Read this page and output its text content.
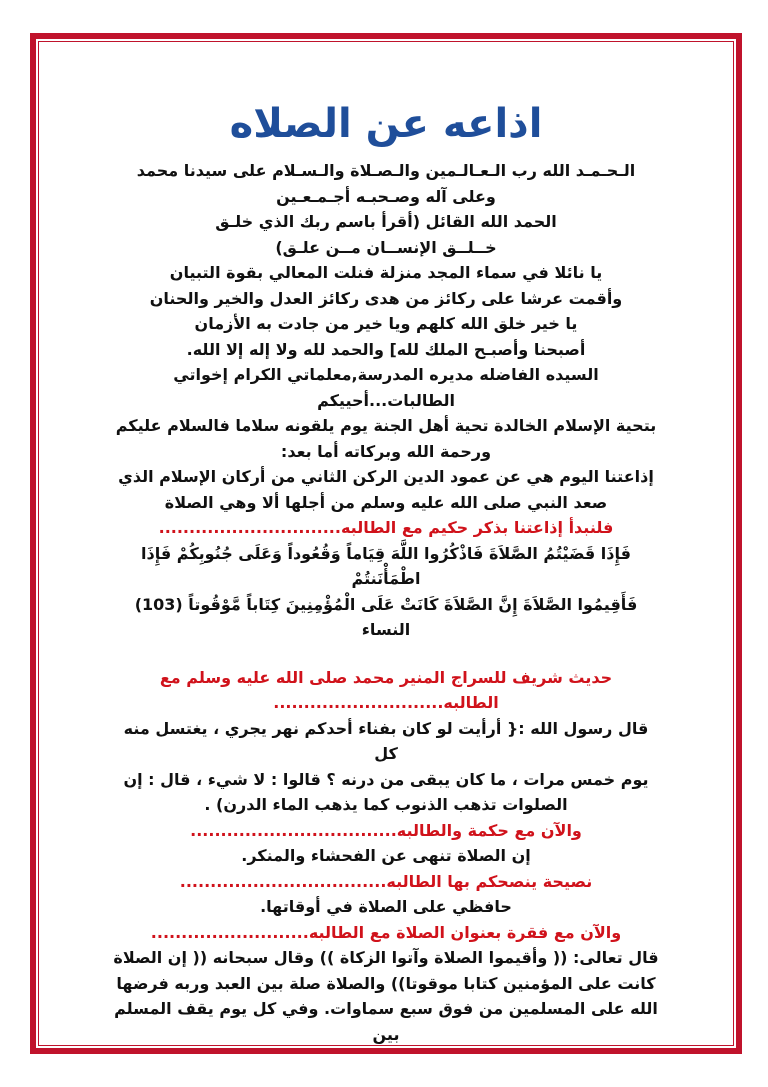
اذاعه عن الصلاه

الـحـمـد الله رب الـعـالـمين والـصـلاة والـسـلام على سيدنا محمد

وعلى آله وصـحبـه أجـمـعـين

الحمد الله القائل (أقرأ باسم ربك الذي خلـق

خــلــق الإنســان مــن علـق)

يا نائلا في سماء المجد منزلة فنلت المعالي بقوة التبيان

وأقمت عرشا على ركائز من هدى ركائز العدل والخير والحنان

يا خير خلق الله كلهم ويا خير من جادت به الأزمان

أصبحنا وأصبـح الملك لله] والحمد لله ولا إله إلا الله.

السيده الفاضله مديره المدرسة,معلماتي الكرام إخواتي الطالبات...أحييكم

بتحية الإسلام الخالدة تحية أهل الجنة يوم يلقونه سلاما فالسلام عليكم

ورحمة الله وبركاته أما بعد:

إذاعتنا اليوم هي عن عمود الدين الركن الثاني من أركان الإسلام الذي

صعد النبي صلى الله عليه وسلم من أجلها ألا وهي الصلاة

فلنبدأ إذاعتنا بذكر حكيم مع الطالبه..............................

فَإِذَا قَضَيْتُمُ الصَّلاَةَ فَاذْكُرُوا اللَّهَ قِيَاماً وَقُعُوداً وَعَلَى جُنُوبِكُمْ فَإِذَا اطْمَأْنَنتُمْ

فَأَقِيمُوا الصَّلاَةَ إِنَّ الصَّلاَةَ كَانَتْ عَلَى الْمُؤْمِنِينَ كِتَاباً مَّوْقُوتاً (103) النساء

حديث شريف للسراج المنير محمد صلى الله عليه وسلم مع

الطالبه............................

قال رسول الله :{ أرأيت لو كان بفناء أحدكم نهر يجري ، يغتسل منه كل

يوم خمس مرات ، ما كان يبقى من درنه ؟ قالوا : لا شيء ، قال : إن

الصلوات تذهب الذنوب كما يذهب الماء الدرن) .

والآن مع حكمة والطالبه..................................

إن الصلاة تنهى عن الفحشاء والمنكر.

نصيحة ينصحكم بها الطالبه..................................

حافظي على الصلاة في أوقاتها.

والآن مع فقرة بعنوان الصلاة مع الطالبه..........................

قال تعالى: (( وأقيموا الصلاة وآتوا الزكاة )) وقال سبحانه (( إن الصلاة

كانت على المؤمنين كتابا موقوتا)) والصلاة صلة بين العبد وربه فرضها

الله على المسلمين من فوق سبع سماوات. وفي كل يوم يقف المسلم بين
